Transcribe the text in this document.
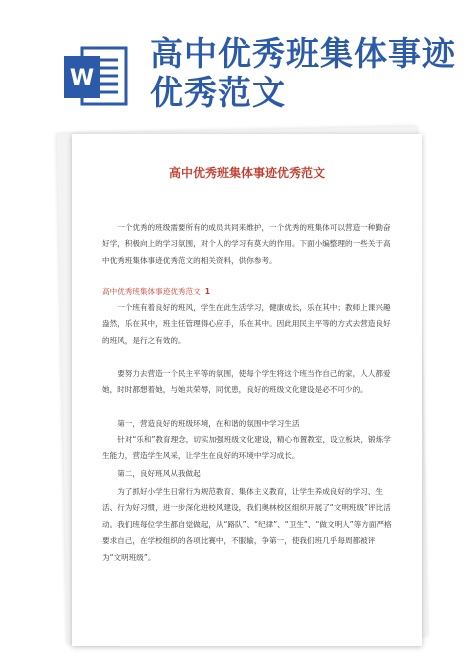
W
高中优秀班集体事迹优秀范文
高中优秀班集体事迹优秀范文

一个优秀的班级需要所有的成员共同来维护，一个优秀的班集体可以营造一种勤奋好学，积极向上的学习氛围，对个人的学习有莫大的作用。下面小编整理的一些关于高中优秀班集体事迹优秀范文的相关资料，供你参考。

高中优秀班集体事迹优秀范文 1

一个班有着良好的班风，学生在此生活学习，健康成长，乐在其中；教师上课兴趣盎然，乐在其中，班主任管理得心应手，乐在其中。因此用民主平等的方式去营造良好的班风，是行之有效的。

要努力去营造一个民主平等的氛围，使每个学生将这个班当作自己的家，人人都爱她，时时都想着她，与她共荣辱，同忧患，良好的班级文化建设是必不可少的。

第一，营造良好的班级环境，在和谐的氛围中学习生活

针对“乐和”教育理念，切实加强班级文化建设，精心布置教室，设立板块，锻炼学生能力，营造学生风采，让学生在良好的环境中学习成长。

第二，良好班风从我做起

为了抓好小学生日常行为规范教育、集体主义教育，让学生养成良好的学习、生活、行为好习惯，进一步深化进校风建设，我们奥林校区组织开展了“文明班级”评比活动。我们班每位学生都自觉做起，从“路队”、“纪律”、“卫生”、“做文明人”等方面严格要求自己，在学校组织的各项比赛中，不服输，争第一，使我们班几乎每周都被评为“文明班级”。
